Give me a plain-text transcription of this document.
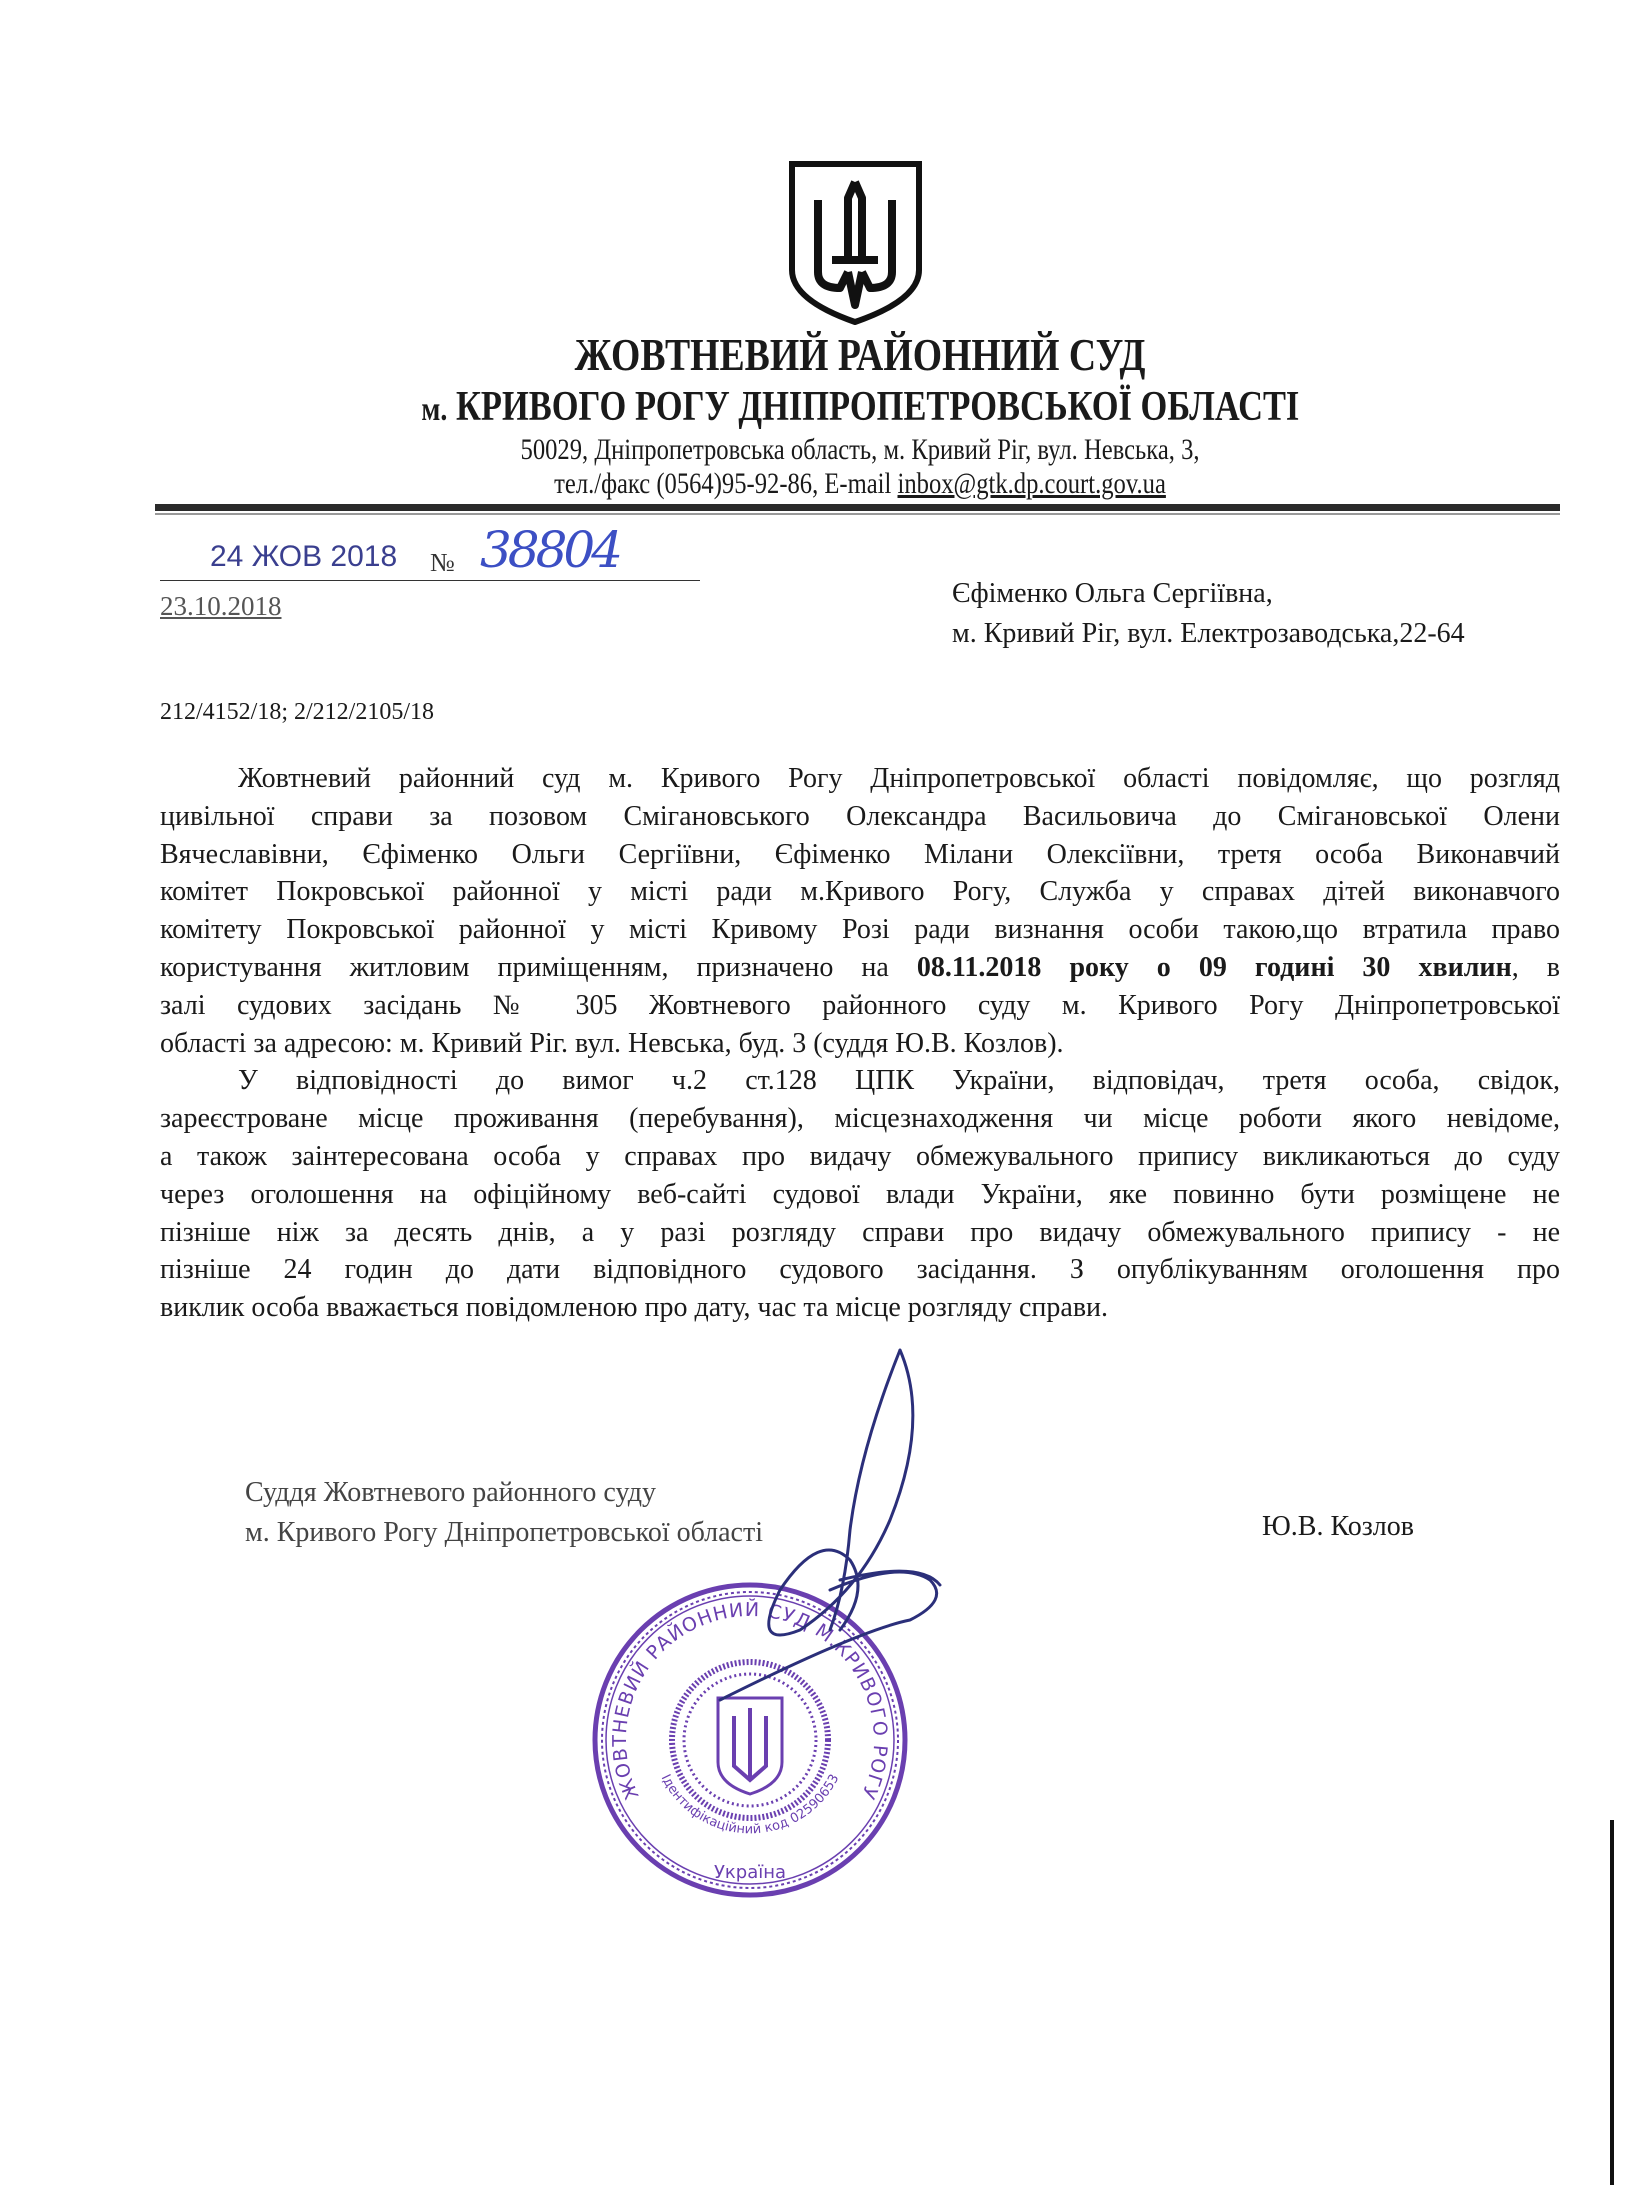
ЖОВТНЕВИЙ РАЙОННИЙ СУД
м. КРИВОГО РОГУ ДНІПРОПЕТРОВСЬКОЇ ОБЛАСТІ
50029, Дніпропетровська область, м. Кривий Ріг, вул. Невська, 3,
тел./факс (0564)95-92-86, E-mail inbox@gtk.dp.court.gov.ua
24 ЖОВ 2018 № 38804
23.10.2018	Єфіменко Ольга Сергіївна,
м. Кривий Ріг, вул. Електрозаводська,22-64
212/4152/18; 2/212/2105/18
Жовтневий районний суд м. Кривого Рогу Дніпропетровської області повідомляє, що розгляд
цивільної справи за позовом Сміганoвського Олександра Васильовича до Сміганoвської Олени
Вячеславівни, Єфіменко Ольги Сергіївни, Єфіменко Мілани Олексіївни, третя особа Виконавчий
комітет Покровської районної у місті ради м.Кривого Рогу, Служба у справах дітей виконавчого
комітету Покровської районної у місті Кривому Розі ради визнання особи такою,що втратила право
користування житловим приміщенням, призначено на 08.11.2018 року о 09 годині 30 хвилин, в
залі судових засідань № 305 Жовтневого районного суду м. Кривого Рогу Дніпропетровської
області за адресою: м. Кривий Ріг. вул. Невська, буд. 3 (суддя Ю.В. Козлов).
У відповідності до вимог ч.2 ст.128 ЦПК України, відповідач, третя особа, свідок,
зареєстроване місце проживання (перебування), місцезнаходження чи місце роботи якого невідоме,
а також заінтересована особа у справах про видачу обмежувального припису викликаються до суду
через оголошення на офіційному веб-сайті судової влади України, яке повинно бути розміщене не
пізніше ніж за десять днів, а у разі розгляду справи про видачу обмежувального припису - не
пізніше 24 годин до дати відповідного судового засідання. З опублікуванням оголошення про
виклик особа вважається повідомленою про дату, час та місце розгляду справи.
Суддя Жовтневого районного суду
м. Кривого Рогу Дніпропетровської області	Ю.В. Козлов
ЖОВТНЕВИЙ РАЙОННИЙ СУД М.КРИВОГО РОГУ
Ідентифікаційний код 02590653
Україна
